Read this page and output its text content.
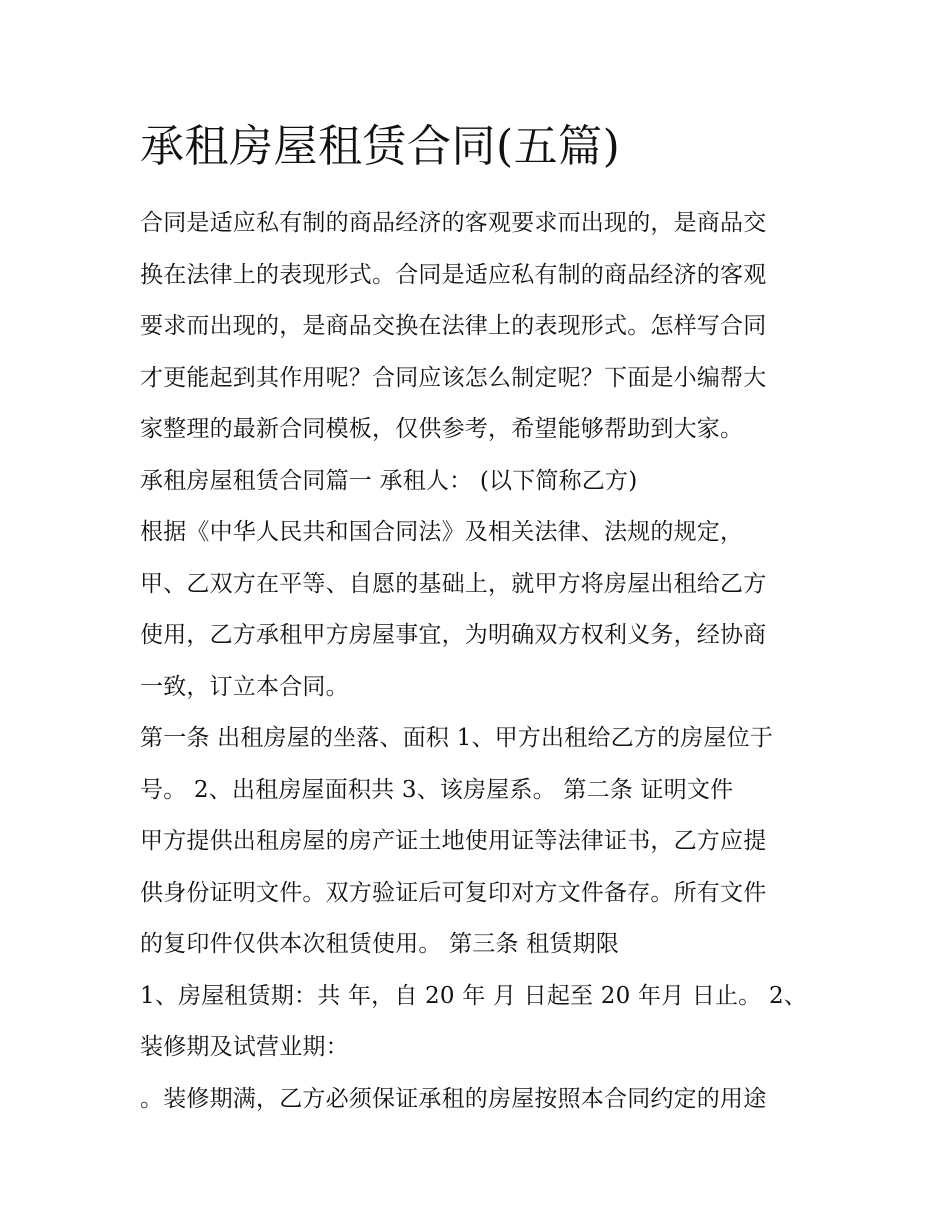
承租房屋租赁合同(五篇)

合同是适应私有制的商品经济的客观要求而出现的，是商品交

换在法律上的表现形式。合同是适应私有制的商品经济的客观

要求而出现的，是商品交换在法律上的表现形式。怎样写合同

才更能起到其作用呢？合同应该怎么制定呢？下面是小编帮大

家整理的最新合同模板，仅供参考，希望能够帮助到大家。

承租房屋租赁合同篇一 承租人： (以下简称乙方)

根据《中华人民共和国合同法》及相关法律、法规的规定，

甲、乙双方在平等、自愿的基础上，就甲方将房屋出租给乙方

使用，乙方承租甲方房屋事宜，为明确双方权利义务，经协商

一致，订立本合同。

第一条 出租房屋的坐落、面积 1、甲方出租给乙方的房屋位于

号。 2、出租房屋面积共 3、该房屋系。 第二条 证明文件

甲方提供出租房屋的房产证土地使用证等法律证书，乙方应提

供身份证明文件。双方验证后可复印对方文件备存。所有文件

的复印件仅供本次租赁使用。 第三条 租赁期限

1、房屋租赁期：共 年，自 20 年 月 日起至 20 年月 日止。 2、

装修期及试营业期：

。装修期满，乙方必须保证承租的房屋按照本合同约定的用途
